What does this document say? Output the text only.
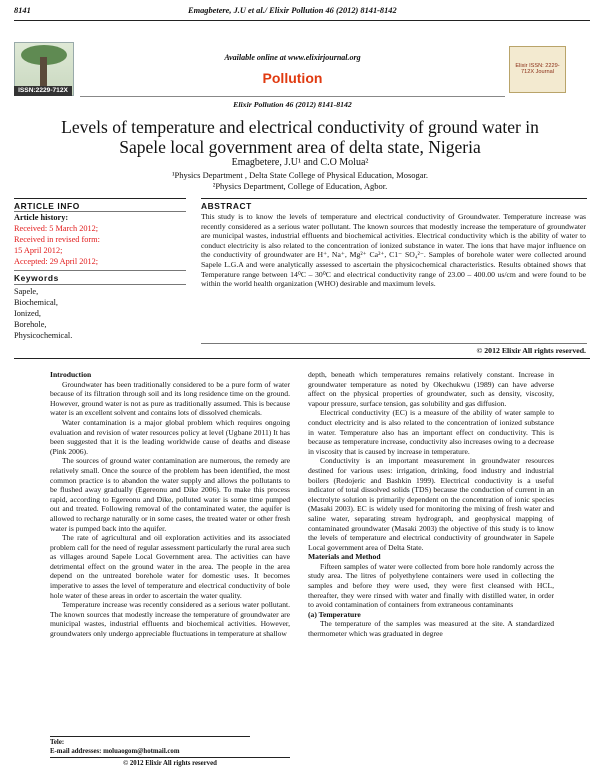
8141	Emagbetere, J.U et al./ Elixir Pollution 46 (2012) 8141-8142
ISSN:2229-712X
Available online at www.elixirjournal.org
Pollution
Elixir ISSN: 2229-712X Journal
Elixir Pollution 46 (2012) 8141-8142
Levels of temperature and electrical conductivity of ground water in Sapele local government area of delta state, Nigeria
Emagbetere, J.U¹ and C.O Molua²
¹Physics Department , Delta State College of Physical Education, Mosogar.
²Physics Department, College of Education, Agbor.
ARTICLE INFO
Article history:
Received: 5 March 2012;
Received in revised form:
15 April 2012;
Accepted: 29 April 2012;
Keywords
Sapele,
Biochemical,
Ionized,
Borehole,
Physicochemical.
ABSTRACT
This study is to know the levels of temperature and electrical conductivity of Groundwater. Temperature increase was recently considered as a serious water pollutant. The known sources that modestly increase the temperature of groundwater are municipal wastes, industrial effluents and biochemical activities. Electrical conductivity which is the ability of water to conduct electricity is also related to the concentration of ionized substance in water. The ions that have major influence on the conductivity of groundwater are H⁺, Na⁺, Mg²⁺ Ca²⁺, C1⁻ SO₄²⁻. Samples of borehole water were collected around Sapele L.G.A and were analytically assessed to ascertain the physicochemical characteristics. Results obtained shows that Temperature range between 14⁰C – 30⁰C and electrical conductivity range of 23.00 – 400.00 us/cm and were found to be within the world health organization (WHO) desirable and maximum levels.
© 2012 Elixir All rights reserved.

Introduction

Groundwater has been traditionally considered to be a pure form of water because of its filtration through soil and its long residence time on the ground. However, ground water is not as pure as traditionally assumed. This is because water is an excellent solvent and contains lots of dissolved chemicals.

Water contamination is a major global problem which requires ongoing evaluation and revision of water resources policy at level (Ugbane 2011) It has been suggested that it is the leading worldwide cause of deaths and disease (Pink 2006).

The sources of ground water contamination are numerous, the remedy are relatively small. Once the source of the problem has been identified, the most common practice is to abandon the water supply and allows the pollutants to be flushed away gradually (Egereonu and Dike 2006). To make this process rapid, according to Egereonu and Dike, polluted water is some time pumped out and treated. Following removal of the contaminated water, the aquifer is allowed to recharge naturally or in some cases, the treated water or other fresh water is pumped back into the aquifer.

The rate of agricultural and oil exploration activities and its associated problem call for the need of regular assessment particularly the rural area such as villages around Sapele Local Government area. The activities can have detrimental effect on the ground water in the area. The people in the area depend on the untreated borehole water for domestic uses. It becomes imperative to asses the level of temperature and electrical conductivity of bole hole water of these areas in order to ascertain the water quality.

Temperature increase was recently considered as a serious water pollutant. The known sources that modestly increase the temperature of groundwater are municipal wastes, industrial effluents and biochemical activities. However, groundwaters only undergo appreciable fluctuations in temperature at shallow

depth, beneath which temperatures remains relatively constant. Increase in groundwater temperature as noted by Okechukwu (1989) can have adverse affect on the physical properties of groundwater, such as density, viscosity, vapour pressure, surface tension, gas solubility and gas diffusion.

Electrical conductivity (EC) is a measure of the ability of water sample to conduct electricity and is also related to the concentration of ionized substance in water. Temperature also has an important effect on conductivity. This is because as temperature increase, conductivity also increases owing to a decrease in viscosity that is caused by increase in temperature.

Conductivity is an important measurement in groundwater resources destined for various uses: irrigation, drinking, food industry and industrial boilers (Redojeric and Bashkin 1999). Electrical conductivity is a useful indicator of total dissolved solids (TDS) because the conduction of current in an electrolyte solution is primarily dependent on the concentration of ionic species (Masaki 2003). EC is widely used for monitoring the mixing of fresh water and saline water, separating stream hydrograph, and geophysical mapping of contaminated groundwater (Masaki 2003) the objective of this study is to know the levels of temperature and electrical conductivity of groundwater in Sapele Local government area of Delta State.

Materials and Method

Fifteen samples of water were collected from bore hole randomly across the study area. The litres of polyethylene containers were used in collecting the samples and before they were used, they were first cleansed with HCL, thereafter, they were rinsed with water and finally with distilled water, in order to avoid contamination of containers from extraneous contaminants

(a) Temperature

The temperature of the samples was measured at the site. A standardized thermometer which was graduated in degree

Tele:
E-mail addresses: moluaogom@hotmail.com
© 2012 Elixir All rights reserved
